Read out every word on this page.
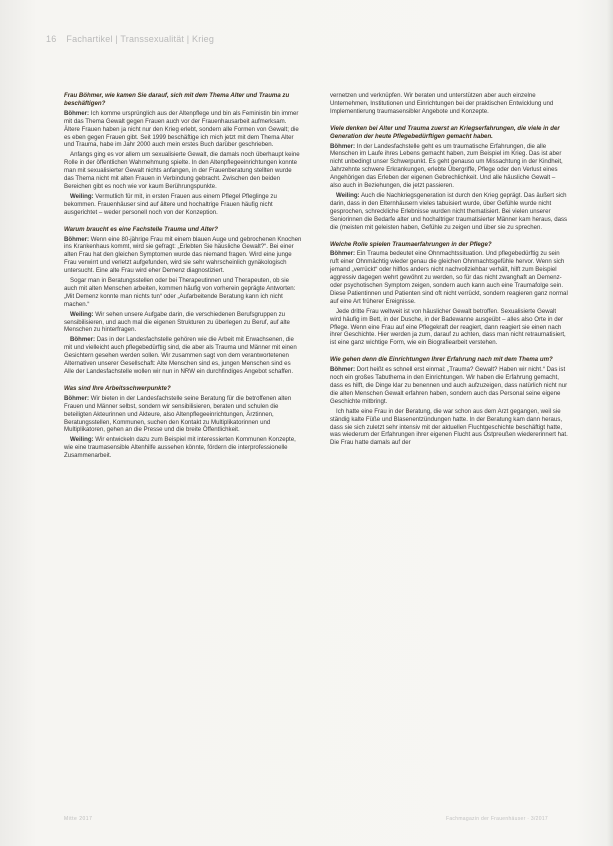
16 Fachartikel | Transsexualität | Krieg
Frau Böhmer, wie kamen Sie darauf, sich mit dem Thema Alter und Trauma zu beschäftigen?
Böhmer: Ich komme ursprünglich aus der Altenpflege und bin als Feministin bin immer mit das Thema Gewalt gegen Frauen auch vor der Frauenhausarbeit aufmerksam. Ältere Frauen haben ja nicht nur den Krieg erlebt, sondern alle Formen von Gewalt; die es eben gegen Frauen gibt. Seit 1999 beschäftige ich mich jetzt mit dem Thema Alter und Trauma, habe im Jahr 2000 auch mein erstes Buch darüber geschrieben.
Anfangs ging es vor allem um sexualisierte Gewalt, die damals noch überhaupt keine Rolle in der öffentlichen Wahrnehmung spielte. In den Altenpflegeeinrichtungen konnte man mit sexualisierter Gewalt nichts anfangen, in der Frauenberatung stellten wurde das Thema nicht mit alten Frauen in Verbindung gebracht. Zwischen den beiden Bereichen gibt es noch wie vor kaum Berührungspunkte.
Weiling: Vermutlich für mit, in ersten Frauen aus einem Pflegel Pfleglinge zu bekommen. Frauenhäuser sind auf ältere und hochaltrige Frauen häufig nicht ausgerichtet – weder personell noch von der Konzeption.
Warum braucht es eine Fachstelle Trauma und Alter?
Böhmer: Wenn eine 80-jährige Frau mit einem blauen Auge und gebrochenen Knochen ins Krankenhaus kommt, wird sie gefragt: „Erlebten Sie häusliche Gewalt?“. Bei einer alten Frau hat den gleichen Symptomen wurde das niemand fragen. Wird eine junge Frau verwirrt und verletzt aufgefunden, wird sie sehr wahrscheinlich gynäkologisch untersucht. Eine alte Frau wird eher Demenz diagnostiziert.
Sogar man in Beratungsstellen oder bei Therapeutinnen und Therapeuten, ob sie auch mit alten Menschen arbeiten, kommen häufig von vorherein geprägte Antworten: „Mit Demenz konnte man nichts tun“ oder „Aufarbeitende Beratung kann ich nicht machen.“
Weiling: Wir sehen unsere Aufgabe darin, die verschiedenen Berufsgruppen zu sensibilisieren, und auch mal die eigenen Strukturen zu überlegen zu Beruf, auf alte Menschen zu hinterfragen.
Böhmer: Das in der Landesfachstelle gehören wie die Arbeit mit Erwachsenen, die mit und vielleicht auch pflegebedürftig sind, die aber als Trauma und Männer mit einen Gesichtern gesehen werden sollen. Wir zusammen sagt von dem verantwortetenen Alternativen unserer Gesellschaft: Alte Menschen sind es, jungen Menschen sind es Alle der Landesfachstelle wollen wir nun in NRW ein durchfindiges Angebot schaffen.
Was sind Ihre Arbeitsschwerpunkte?
Böhmer: Wir bieten in der Landesfachstelle seine Beratung für die betroffenen alten Frauen und Männer selbst, sondern wir sensibilisieren, beraten und schulen die beteiligten Akteurinnen und Akteure, also Altenpflegeeinrichtungen, Ärztinnen, Beratungsstellen, Kommunen, suchen den Kontakt zu Multiplikatorinnen und Multiplikatoren, gehen an die Presse und die breite Öffentlichkeit.
Weiling: Wir entwickeln dazu zum Beispiel mit interessierten Kommunen Konzepte, wie eine traumasensible Altenhilfe aussehen könnte, fördern die interprofessionelle Zusammenarbeit.
vernetzen und verknüpfen. Wir beraten und unterstützen aber auch einzelne Unternehmen, Institutionen und Einrichtungen bei der praktischen Entwicklung und Implementierung traumasensibler Angebote und Konzepte.
Viele denken bei Alter und Trauma zuerst an Kriegserfahrungen, die viele in der Generation der heute Pflegebedürftigen gemacht haben.
Böhmer: In der Landesfachstelle geht es um traumatische Erfahrungen, die alle Menschen im Laufe ihres Lebens gemacht haben, zum Beispiel im Krieg. Das ist aber nicht unbedingt unser Schwerpunkt. Es geht genauso um Missachtung in der Kindheit, Jahrzehnte schwere Erkrankungen, erlebte Übergriffe, Pflege oder den Verlust eines Angehörigen das Erleben der eigenen Gebrechlichkeit. Und alle häusliche Gewalt – also auch in Beziehungen, die jetzt passieren.
Weiling: Auch die Nachkriegsgeneration ist durch den Krieg geprägt. Das äußert sich darin, dass in den Elternhäusern vieles tabuisiert wurde, über Gefühle wurde nicht gesprochen, schreckliche Erlebnisse wurden nicht thematisiert. Bei vielen unserer Seniorinnen die Bedarfe alter und hochaltriger traumatisierter Männer kam heraus, dass die (meisten mit geleisten haben, Gefühle zu zeigen und über sie zu sprechen.
Welche Rolle spielen Traumaerfahrungen in der Pflege?
Böhmer: Ein Trauma bedeutet eine Ohnmachtssituation. Und pflegebedürftig zu sein ruft einer Ohnmächtig wieder genau die gleichen Ohnmachtsgefühle hervor. Wenn sich jemand „verrückt“ oder hilflos anders nicht nachvollziehbar verhält, hilft zum Beispiel aggressiv dagegen wehrt gewöhnt zu werden, so für das nicht zwanghaft an Demenz- oder psychotischen Symptom zeigen, sondern auch kann auch eine Traumafolge sein. Diese Patientinnen und Patienten sind oft nicht verrückt, sondern reagieren ganz normal auf eine Art früherer Ereignisse.
Jede dritte Frau weltweit ist von häuslicher Gewalt betroffen. Sexualisierte Gewalt wird häufig im Bett, in der Dusche, in der Badewanne ausgeübt – alles also Orte in der Pflege. Wenn eine Frau auf eine Pflegekraft der reagiert, dann reagiert sie einen nach ihrer Geschichte. Hier werden ja zum, darauf zu achten, dass man nicht retraumatisiert, ist eine ganz wichtige Form, wie ein Biografiearbeit verstehen.
Wie gehen denn die Einrichtungen Ihrer Erfahrung nach mit dem Thema um?
Böhmer: Dort heißt es schnell erst einmal: „Trauma? Gewalt? Haben wir nicht.“ Das ist noch ein großes Tabuthema in den Einrichtungen. Wir haben die Erfahrung gemacht, dass es hilft, die Dinge klar zu benennen und auch aufzuzeigen, dass natürlich nicht nur die alten Menschen Gewalt erfahren haben, sondern auch das Personal seine eigene Geschichte mitbringt.
Ich hatte eine Frau in der Beratung, die war schon aus dem Arzt gegangen, weil sie ständig kalte Füße und Blasenentzündungen hatte. In der Beratung kam dann heraus, dass sie sich zuletzt sehr intensiv mit der aktuellen Fluchtgeschichte beschäftigt hatte, was wiederum der Erfahrungen ihrer eigenen Flucht aus Ostpreußen wiedererinnert hat. Die Frau hatte damals auf der
Mitte 2017	Fachmagazin der Frauenhäuser · 3/2017
